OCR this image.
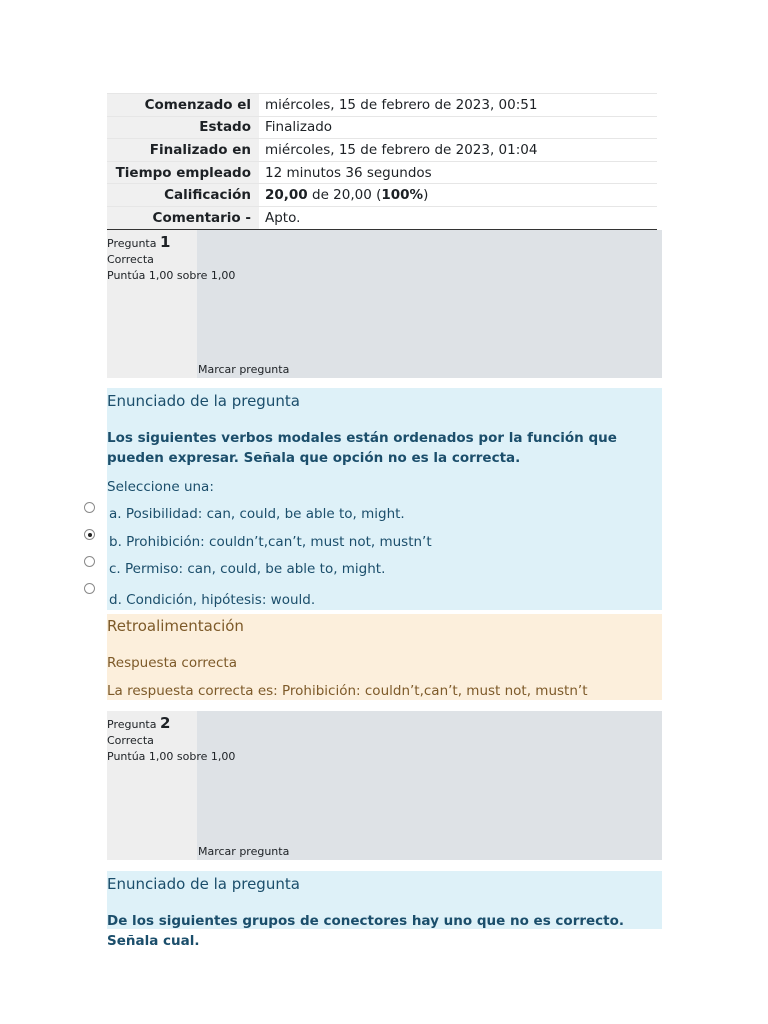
Comenzado el	miércoles, 15 de febrero de 2023, 00:51
Estado	Finalizado
Finalizado en	miércoles, 15 de febrero de 2023, 01:04
Tiempo empleado	12 minutos 36 segundos
Calificación	20,00 de 20,00 (100%)
Comentario -	Apto.
Pregunta 1
Correcta
Puntúa 1,00 sobre 1,00
Marcar pregunta
Enunciado de la pregunta
Los siguientes verbos modales están ordenados por la función que pueden expresar. Señala que opción no es la correcta.
Seleccione una:
a. Posibilidad: can, could, be able to, might.
b. Prohibición: couldn’t,can’t, must not, mustn’t
c. Permiso: can, could, be able to, might.
d. Condición, hipótesis: would.
Retroalimentación
Respuesta correcta
La respuesta correcta es: Prohibición: couldn’t,can’t, must not, mustn’t
Pregunta 2
Correcta
Puntúa 1,00 sobre 1,00
Marcar pregunta
Enunciado de la pregunta
De los siguientes grupos de conectores hay uno que no es correcto. Señala cual.
